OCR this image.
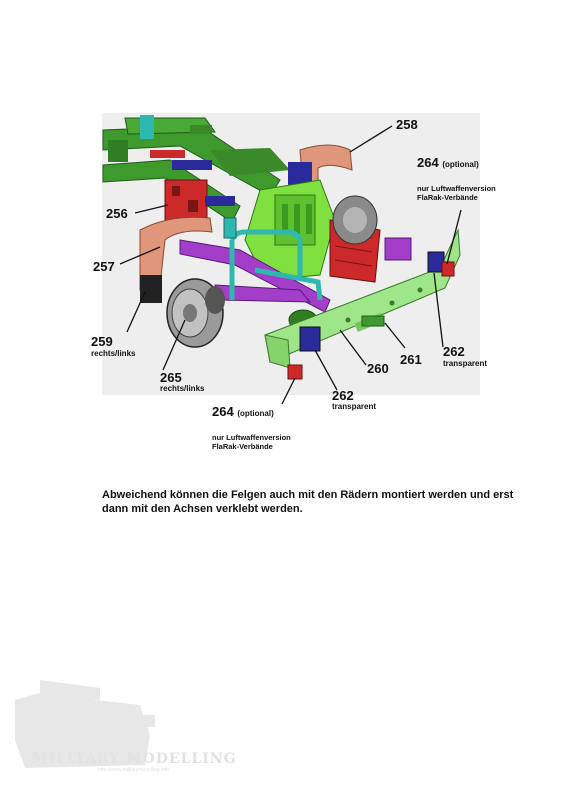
258
264 (optional)
nur Luftwaffenversion
FlaRak-Verbände
256
257
259
rechts/links
265
rechts/links
262
transparent
261
260
262
transparent
264 (optional)
nur Luftwaffenversion
FlaRak-Verbände
Abweichend können die Felgen auch mit den Rädern montiert werden und erst dann mit den Achsen verklebt werden.
MILITARY MODELLING
http://www.militarymodelling.info
